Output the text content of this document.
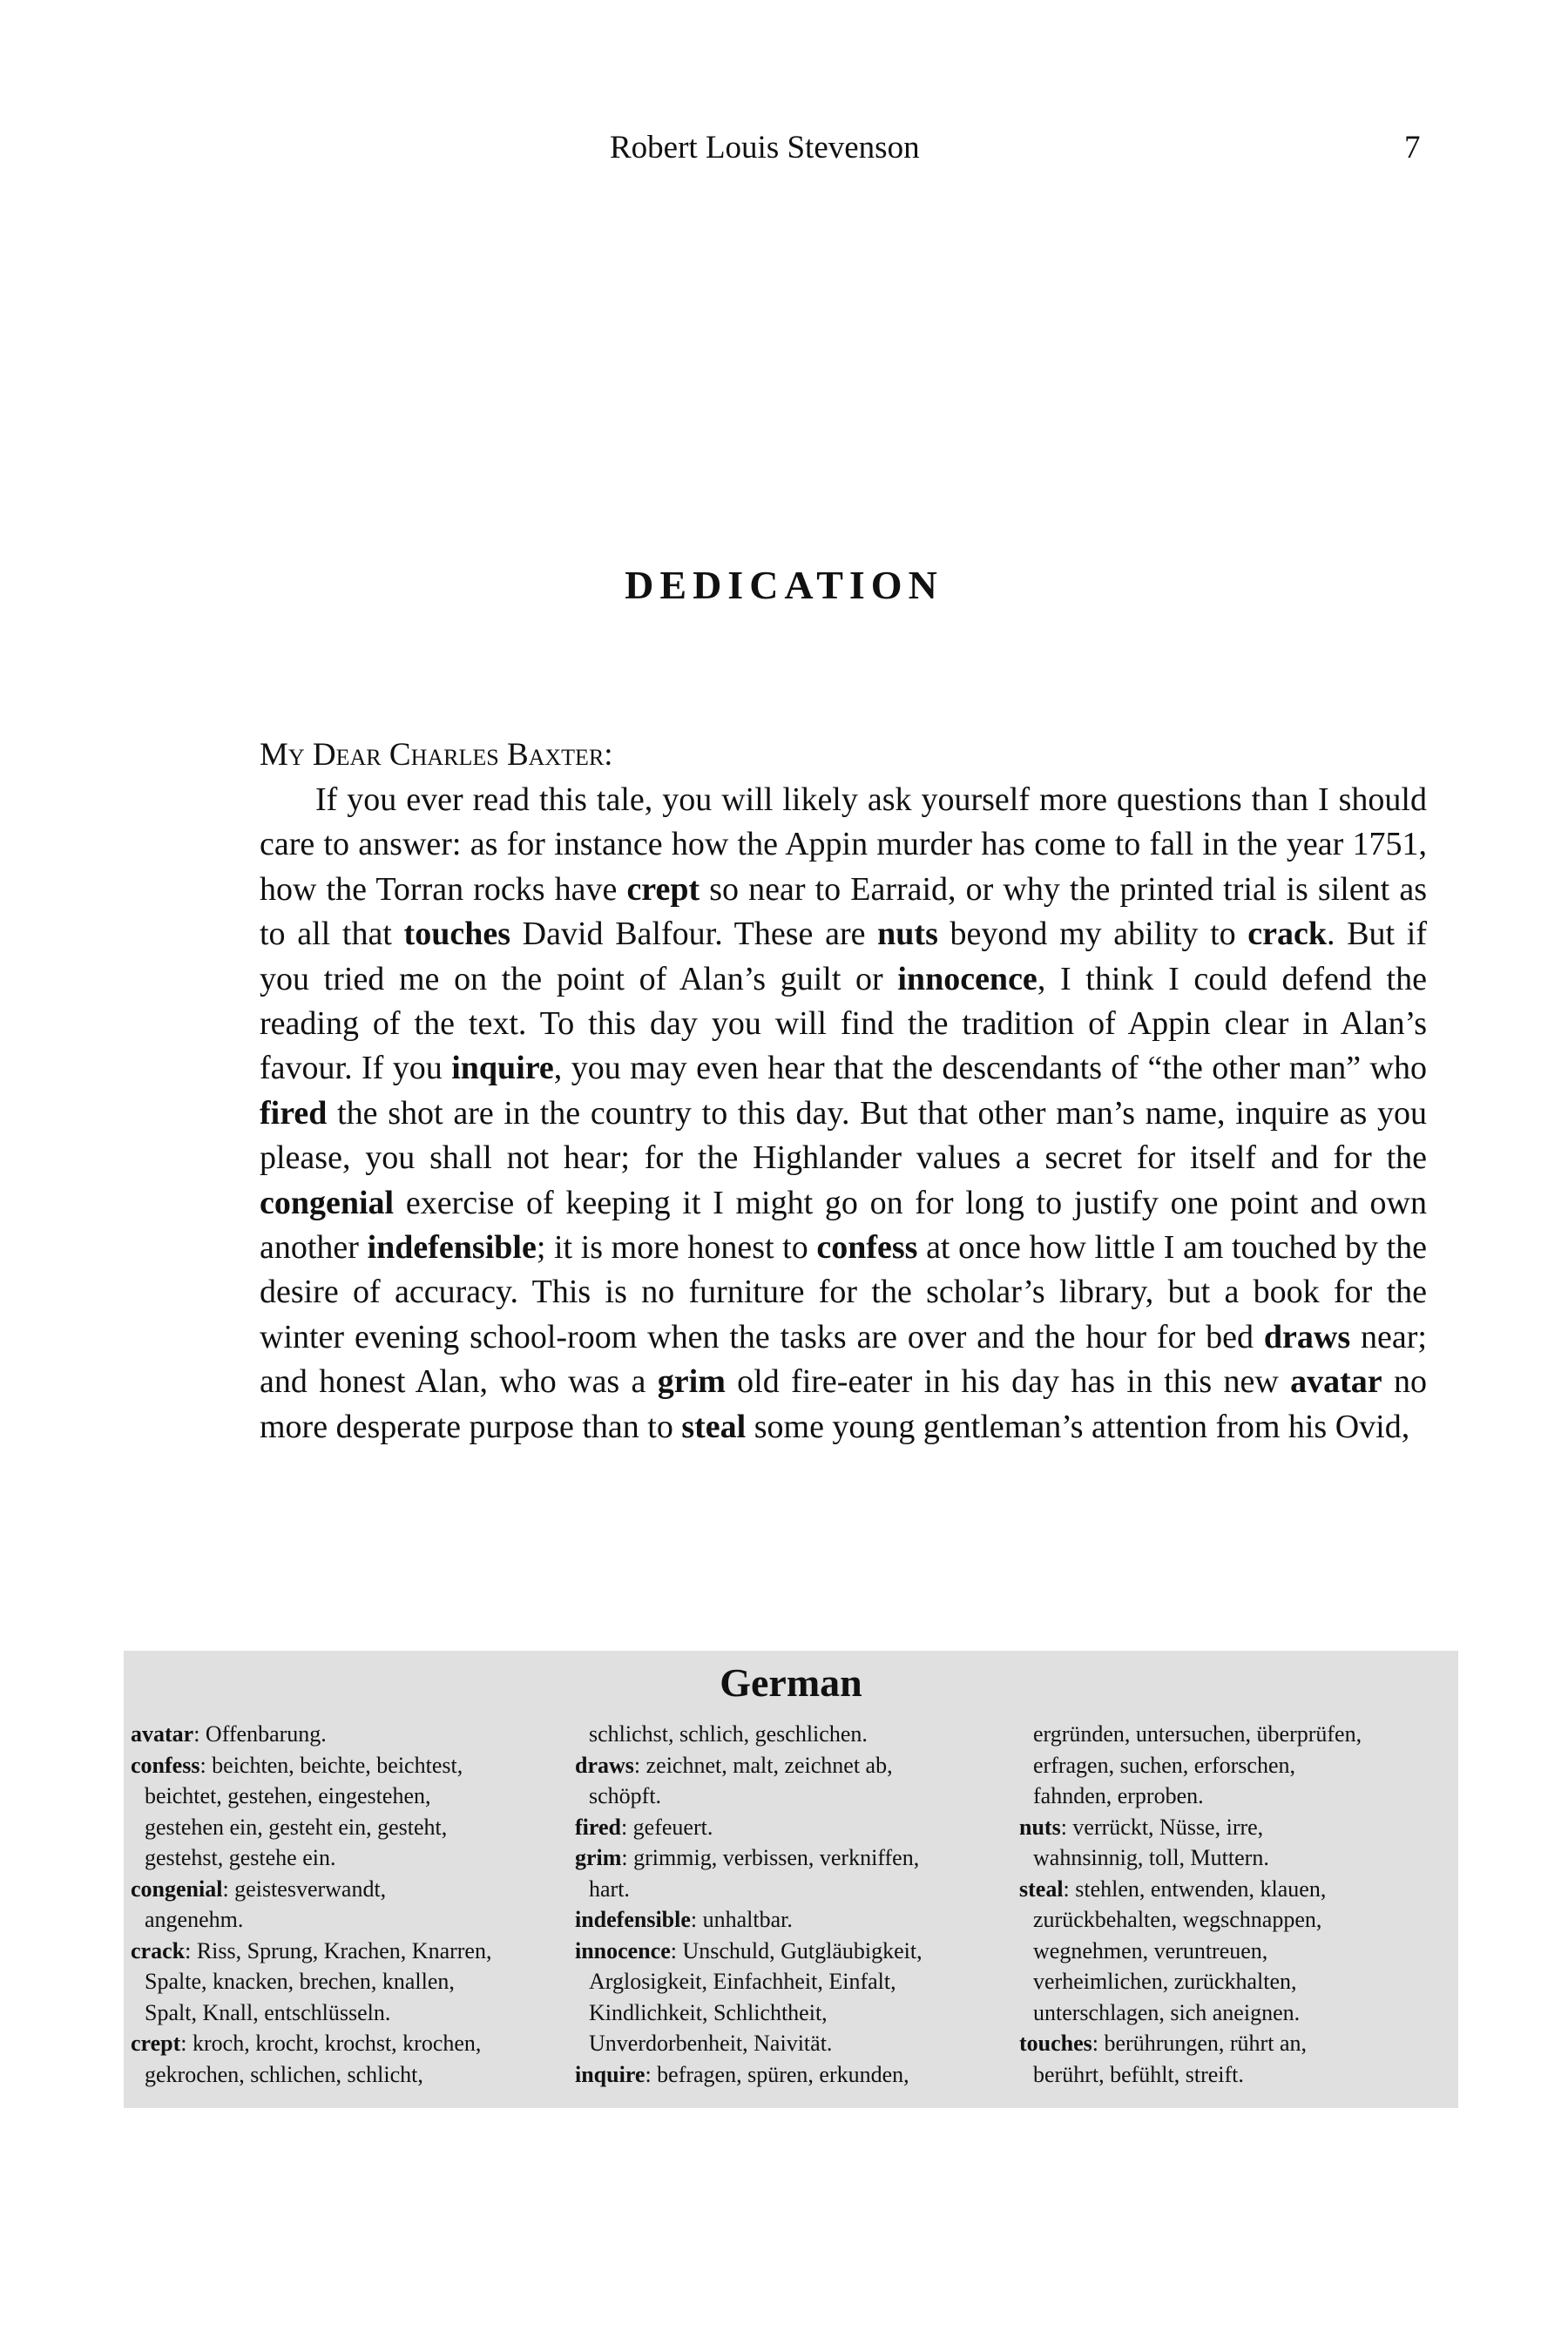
Robert Louis Stevenson	7
DEDICATION

My Dear Charles Baxter:

If you ever read this tale, you will likely ask yourself more questions than I should care to answer: as for instance how the Appin murder has come to fall in the year 1751, how the Torran rocks have crept so near to Earraid, or why the printed trial is silent as to all that touches David Balfour. These are nuts beyond my ability to crack. But if you tried me on the point of Alan’s guilt or innocence, I think I could defend the reading of the text. To this day you will find the tradition of Appin clear in Alan’s favour. If you inquire, you may even hear that the descendants of “the other man” who fired the shot are in the country to this day. But that other man’s name, inquire as you please, you shall not hear; for the Highlander values a secret for itself and for the congenial exercise of keeping it I might go on for long to justify one point and own another indefensible; it is more honest to confess at once how little I am touched by the desire of accuracy. This is no furniture for the scholar’s library, but a book for the winter evening school-room when the tasks are over and the hour for bed draws near; and honest Alan, who was a grim old fire-eater in his day has in this new avatar no more desperate purpose than to steal some young gentleman’s attention from his Ovid,

German
avatar: Offenbarung.
confess: beichten, beichte, beichtest,
beichtet, gestehen, eingestehen,
gestehen ein, gesteht ein, gesteht,
gestehst, gestehe ein.
congenial: geistesverwandt,
angenehm.
crack: Riss, Sprung, Krachen, Knarren,
Spalte, knacken, brechen, knallen,
Spalt, Knall, entschlüsseln.
crept: kroch, krocht, krochst, krochen,
gekrochen, schlichen, schlicht,
schlichst, schlich, geschlichen.
draws: zeichnet, malt, zeichnet ab,
schöpft.
fired: gefeuert.
grim: grimmig, verbissen, verkniffen,
hart.
indefensible: unhaltbar.
innocence: Unschuld, Gutgläubigkeit,
Arglosigkeit, Einfachheit, Einfalt,
Kindlichkeit, Schlichtheit,
Unverdorbenheit, Naivität.
inquire: befragen, spüren, erkunden,
ergründen, untersuchen, überprüfen,
erfragen, suchen, erforschen,
fahnden, erproben.
nuts: verrückt, Nüsse, irre,
wahnsinnig, toll, Muttern.
steal: stehlen, entwenden, klauen,
zurückbehalten, wegschnappen,
wegnehmen, veruntreuen,
verheimlichen, zurückhalten,
unterschlagen, sich aneignen.
touches: berührungen, rührt an,
berührt, befühlt, streift.
